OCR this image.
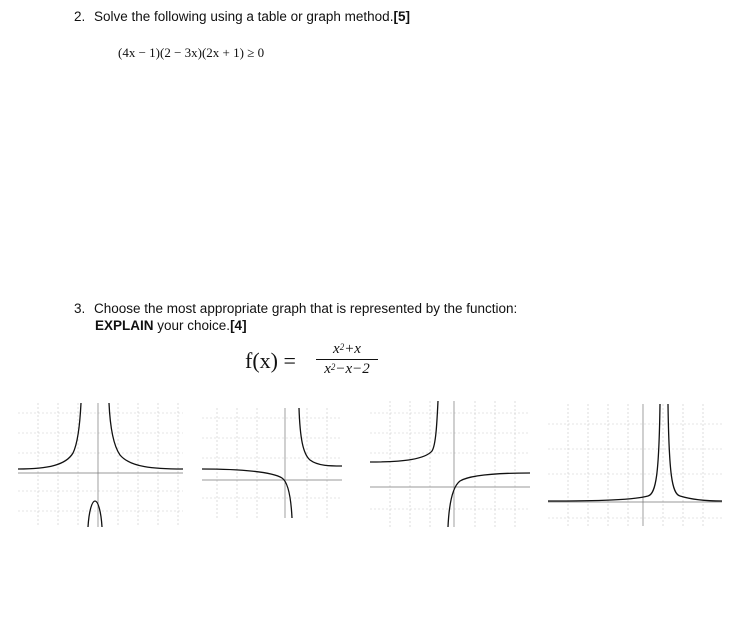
2. Solve the following using a table or graph method.[5]
(4x − 1)(2 − 3x)(2x + 1) ≥ 0
3. Choose the most appropriate graph that is represented by the function:
EXPLAIN your choice.[4]
f(x) =	$x^2+x$
$x^2-x-2$
